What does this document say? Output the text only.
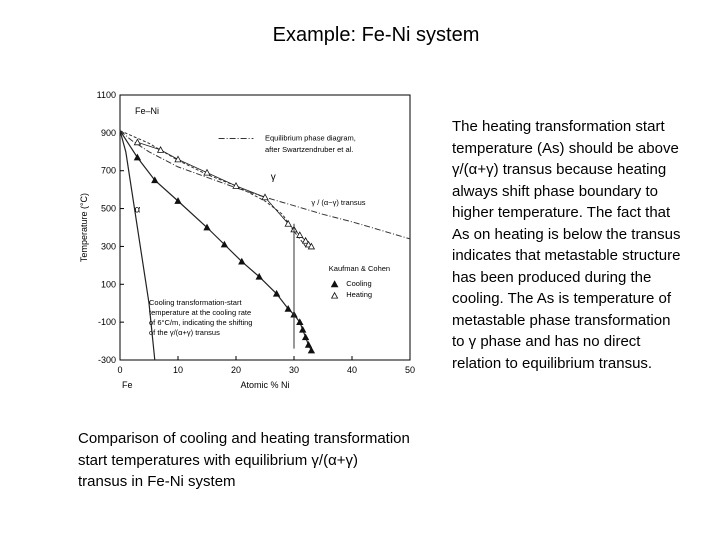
Example: Fe-Ni system
-300
-100
100
300
500
700
900
1100
0	10	20	30	40	50
Fe	Atomic % Ni
Temperature (°C)
Fe–Ni
α
γ
γ / (α−γ) transus
Equilibrium phase diagram,
after Swartzendruber et al.
Kaufman & Cohen
Cooling
Heating
Cooling transformation-start
temperature at the cooling rate
of 6°C/m, indicating the shifting
of the γ/(α+γ) transus

The heating transformation start

temperature (As) should be above

γ/(α+γ) transus because heating

always shift phase boundary to

higher temperature. The fact that

As on heating is below the transus

indicates that metastable structure

has been produced during the

cooling. The As is temperature of

metastable phase transformation

to γ phase and has no direct

relation to equilibrium transus.

Comparison of cooling and heating transformation

start temperatures with equilibrium γ/(α+γ)

transus in Fe-Ni system
